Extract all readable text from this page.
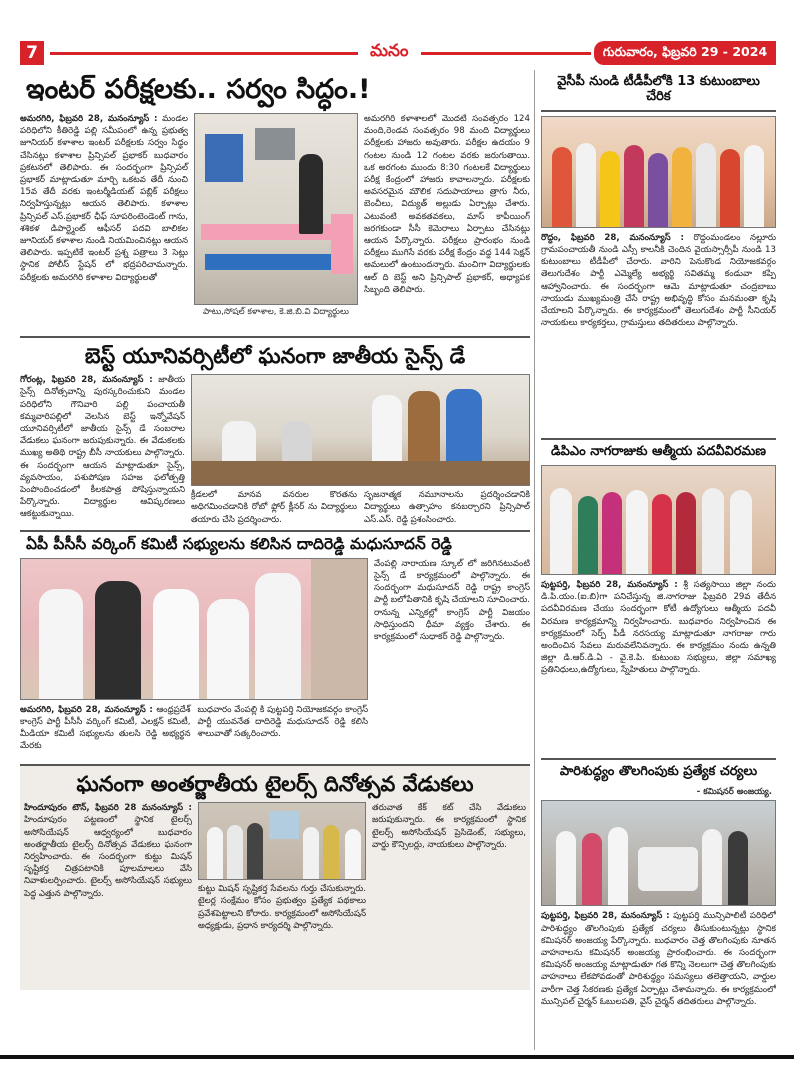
7	మనం	గురువారం, ఫిబ్రవరి 29 - 2024
ఇంటర్ పరీక్షలకు.. సర్వం సిద్ధం.!
అమరగిరి, ఫిబ్రవరి 28, మనంన్యూస్ : మండల పరిధిలోని కీతిరెడ్డి పల్లి సమీపంలో ఉన్న ప్రభుత్వ జూనియర్ కళాశాల ఇంటర్ పరీక్షలకు సర్వం సిద్ధం చేసినట్లు కళాశాల ప్రిన్సిపల్ ప్రభాకర్ బుధవారం ప్రకటనలో తెలిపారు. ఈ సందర్భంగా ప్రిన్సిపల్ ప్రభాకర్ మాట్లాడుతూ మార్చి ఒకటవ తేదీ నుంచి 15వ తేదీ వరకు ఇంటర్మీడియట్ పబ్లిక్ పరీక్షలు నిర్వహిస్తున్నట్లు ఆయన తెలిపారు. కళాశాల ప్రిన్సిపల్ ఎస్.ప్రభాకర్ ఛీఫ్ సూపరింటెండెంట్ గాను, శశికళ డిపార్ట్మెంట్ ఆఫీసర్ పదవి బాలికల జూనియర్ కళాశాల నుండి నియమించినట్లు ఆయన తెలిపారు. ఇప్పటికే ఇంటర్ ప్రశ్న పత్రాలు 3 సెట్లు స్థానిక పోలీస్ స్టేషన్ లో భద్రపరిచామన్నారు. పరీక్షలకు అమరగిరి కళాశాల విద్యార్థులతో
పాటు,సోషల్ కళాశాల, కె.జి.బి.వి విద్యార్థులు
అమరగిరి కళాశాలలో మొదటి సంవత్సరం 124 మంది,రెండవ సంవత్సరం 98 మంది విద్యార్థులు పరీక్షలకు హాజరు అవుతారు. పరీక్షల ఉదయం 9 గంటల నుండి 12 గంటల వరకు జరుగుతాయి. ఒక అరగంట ముందు 8:30 గంటలకే విద్యార్థులు పరీక్ష కేంద్రంలో హాజరు కావాలన్నారు. పరీక్షలకు అవసరమైన మౌలిక సదుపాయాలు త్రాగు నీరు, బెంచీలు, విద్యుత్ అల్లుడు ఏర్పాట్లు చేశారు. ఎటువంటి అవకతవకలు, మాస్ కాపీయింగ్ జరగకుండా సీసీ కెమెరాలు ఏర్పాటు చేసినట్లు ఆయన పేర్కొన్నారు. పరీక్షలు ప్రారంభం నుండి పరీక్షలు ముగిసే వరకు పరీక్ష కేంద్రం వద్ద 144 సెక్షన్ అమలులో ఉంటుందన్నారు. మంచిగా విద్యార్థులకు ఆల్ ది బెస్ట్ అని ప్రిన్సిపాల్ ప్రభాకర్, అధ్యాపక సిబ్బంది తెలిపారు.
బెస్ట్ యూనివర్సిటీలో ఘనంగా జాతీయ సైన్స్ డే
గోరంట్ల, ఫిబ్రవరి 28, మనంన్యూస్ : జాతీయ సైన్స్ దినోత్సవాన్ని పురస్కరించుకుని మండల పరిధిలోని గౌనివారి పల్లి పంచాయతీ కమ్మవారిపల్లిలో వెలసిన బెస్ట్ ఇన్నోవేషన్ యూనివర్సిటీలో జాతీయ సైన్స్ డే సంబరాల వేడుకలు ఘనంగా జరుపుకున్నారు. ఈ వేడుకలకు ముఖ్య అతిథి రాష్ట్ర బీసీ నాయకులు పాల్గొన్నారు. ఈ సందర్భంగా ఆయన మాట్లాడుతూ సైన్స్, వ్యవసాయం, పశుపోషణ సహజ ఫలోత్పత్తి పెంపొందించడంలో కీలకపాత్ర పోషిస్తున్నాయని పేర్కొన్నారు. విద్యార్థుల ఆవిష్కరణలు ఆకట్టుకున్నాయి.
క్రీడలలో మానవ వనరుల కొరతను అధిగమించడానికి రోబో ఫ్లోర్ క్లీనర్ ను విద్యార్థులు తయారు చేసి ప్రదర్శించారు.
సృజనాత్మక నమూనాలను ప్రదర్శించడానికి విద్యార్థులు ఉత్సాహం కనబర్చారని ప్రిన్సిపాల్ ఎస్.ఎస్. రెడ్డి ప్రశంసించారు.
ఏపీ పీసీసీ వర్కింగ్ కమిటీ సభ్యులను కలిసిన దాదిరెడ్డి మధుసూదన్ రెడ్డి
అమరగిరి, ఫిబ్రవరి 28, మనంన్యూస్ : ఆంధ్రప్రదేశ్ కాంగ్రెస్ పార్టీ పీసీసీ వర్కింగ్ కమిటీ, ఎలక్షన్ కమిటీ, మీడియా కమిటీ సభ్యులను తులసి రెడ్డి అభ్యర్థన మేరకు
బుధవారం వేంపల్లి కి పుట్టపర్తి నియోజకవర్గం కాంగ్రెస్ పార్టీ యువనేత దాదిరెడ్డి మధుసూదన్ రెడ్డి కలిసి శాలువాతో సత్కరించారు.
వేంపల్లి నారాయణ స్కూల్ లో జరిగినటువంటి సైన్స్ డే కార్యక్రమంలో పాల్గొన్నారు. ఈ సందర్భంగా మధుసూదన్ రెడ్డి రాష్ట్ర కాంగ్రెస్ పార్టీ బలోపేతానికి కృషి చేయాలని సూచించారు. రానున్న ఎన్నికల్లో కాంగ్రెస్ పార్టీ విజయం సాధిస్తుందని ధీమా వ్యక్తం చేశారు. ఈ కార్యక్రమంలో సుధాకర్ రెడ్డి పాల్గొన్నారు.
ఘనంగా అంతర్జాతీయ టైలర్స్ దినోత్సవ వేడుకలు
హిందూపురం టౌన్, ఫిబ్రవరి 28 మనంన్యూస్ : హిందూపురం పట్టణంలో స్థానిక టైలర్స్ అసోసియేషన్ ఆధ్వర్యంలో బుధవారం అంతర్జాతీయ టైలర్స్ దినోత్సవ వేడుకలు ఘనంగా నిర్వహించారు. ఈ సందర్భంగా కుట్టు మిషన్ సృష్టికర్త చిత్రపటానికి పూలమాలలు వేసి నివాళులర్పించారు. టైలర్స్ అసోసియేషన్ సభ్యులు పెద్ద ఎత్తున పాల్గొన్నారు.	కుట్టు మిషన్ సృష్టికర్త సేవలను గుర్తు చేసుకున్నారు. టైలర్ల సంక్షేమం కోసం ప్రభుత్వం ప్రత్యేక పథకాలు ప్రవేశపెట్టాలని కోరారు. కార్యక్రమంలో అసోసియేషన్ అధ్యక్షుడు, ప్రధాన కార్యదర్శి పాల్గొన్నారు.
తరువాత కేక్ కట్ చేసి వేడుకలు జరుపుకున్నారు. ఈ కార్యక్రమంలో స్థానిక టైలర్స్ అసోసియేషన్ ప్రెసిడెంట్, సభ్యులు, వార్డు కౌన్సిలర్లు, నాయకులు పాల్గొన్నారు.
వైసీపీ నుండి టీడీపీలోకి 13 కుటుంబాలు చేరిక
రొద్దం, ఫిబ్రవరి 28, మనంన్యూస్ : రొద్దంమండలం నల్లూరు గ్రామపంచాయతీ నుండి ఎస్సీ కాలనీకి చెందిన వైయస్సార్సీపీ నుండి 13 కుటుంబాలు టీడీపీలో చేరారు. వారిని పెనుకొండ నియోజకవర్గం తెలుగుదేశం పార్టీ ఎమ్మెల్యే అభ్యర్థి సవితమ్మ కండువా కప్పి ఆహ్వానించారు. ఈ సందర్భంగా ఆమె మాట్లాడుతూ చంద్రబాబు నాయుడు ముఖ్యమంత్రి చేసే రాష్ట్ర అభివృద్ధి కోసం మనమంతా కృషి చేయాలని పేర్కొన్నారు. ఈ కార్యక్రమంలో తెలుగుదేశం పార్టీ సీనియర్ నాయకులు కార్యకర్తలు, గ్రామస్తులు తదితరులు పాల్గొన్నారు.
డిపిఎం నాగరాజుకు ఆత్మీయ పదవీవిరమణ
పుట్టపర్తి, ఫిబ్రవరి 28, మనంన్యూస్ : శ్రీ సత్యసాయి జిల్లా నందు డి.పి.యం.(ఐ.బి)గా పనిచేస్తున్న జి.నాగరాజు ఫిబ్రవరి 29వ తేదీన పదవీవిరమణ చేయు సందర్భంగా కోటీ ఉద్యోగులు ఆత్మీయ పదవీ విరమణ కార్యక్రమాన్ని నిర్వహించారు. బుధవారం నిర్వహించిన ఈ కార్యక్రమంలో సెర్ప్ పీడీ నరసయ్య మాట్లాడుతూ నాగరాజు గారు అందించిన సేవలు మరువలేనివన్నారు. ఈ కార్యక్రమం నందు ఉన్నతి జిల్లా డి.ఆర్.డి.ఏ - వై.కె.పి. కుటుంబ సభ్యులు, జిల్లా సమాఖ్య ప్రతినిధులు,ఉద్యోగులు, స్నేహితులు పాల్గొన్నారు.
పారిశుద్ధ్యం తొలగింపుకు ప్రత్యేక చర్యలు
- కమిషనర్ అంజయ్య.
పుట్టపర్తి, ఫిబ్రవరి 28, మనంన్యూస్ : పుట్టపర్తి మున్సిపాలిటీ పరిధిలో పారిశుద్ధ్యం తొలగింపుకు ప్రత్యేక చర్యలు తీసుకుంటున్నట్లు స్థానిక కమిషనర్ అంజయ్య పేర్కొన్నారు. బుధవారం చెత్త తొలగింపుకు నూతన వాహనాలను కమిషనర్ అంజయ్య ప్రారంభించారు. ఈ సందర్భంగా కమిషనర్ అంజయ్య మాట్లాడుతూ గత కొన్ని నెలలుగా చెత్త తొలగింపుకు వాహనాలు లేకపోవడంతో పారిశుద్ధ్యం సమస్యలు తలెత్తాయని, వార్డుల వారీగా చెత్త సేకరణకు ప్రత్యేక ఏర్పాట్లు చేశామన్నారు. ఈ కార్యక్రమంలో మున్సిపల్ చైర్మన్ ఓబులపతి, వైస్ చైర్మన్ తదితరులు పాల్గొన్నారు.
